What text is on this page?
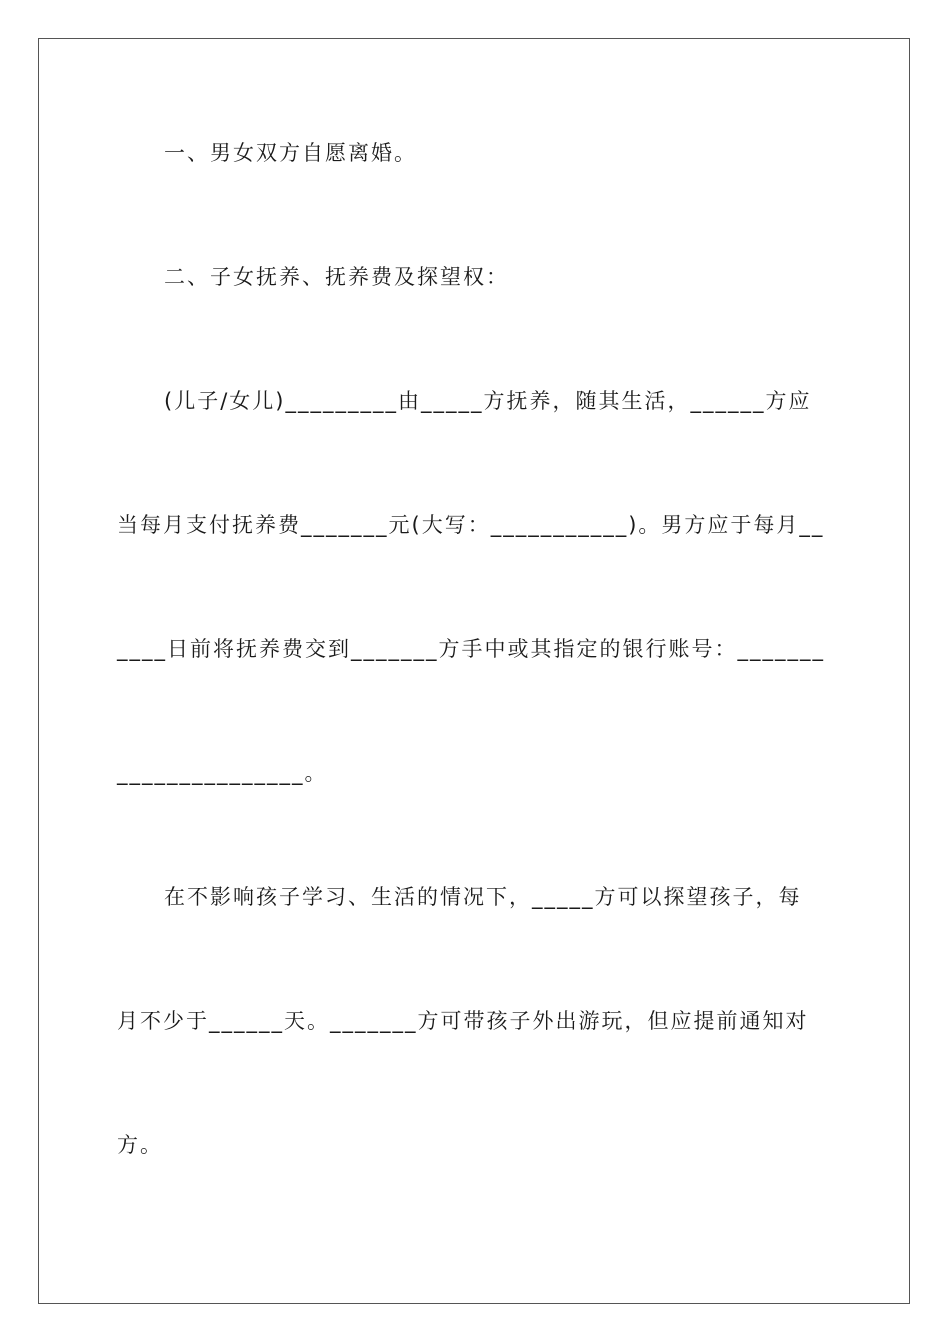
一、男女双方自愿离婚。
二、子女抚养、抚养费及探望权：
(儿子/女儿)_________由_____方抚养，随其生活，______方应
当每月支付抚养费_______元(大写：___________)。男方应于每月__
____日前将抚养费交到_______方手中或其指定的银行账号：_______
_______________。
在不影响孩子学习、生活的情况下，_____方可以探望孩子，每
月不少于______天。_______方可带孩子外出游玩，但应提前通知对
方。
